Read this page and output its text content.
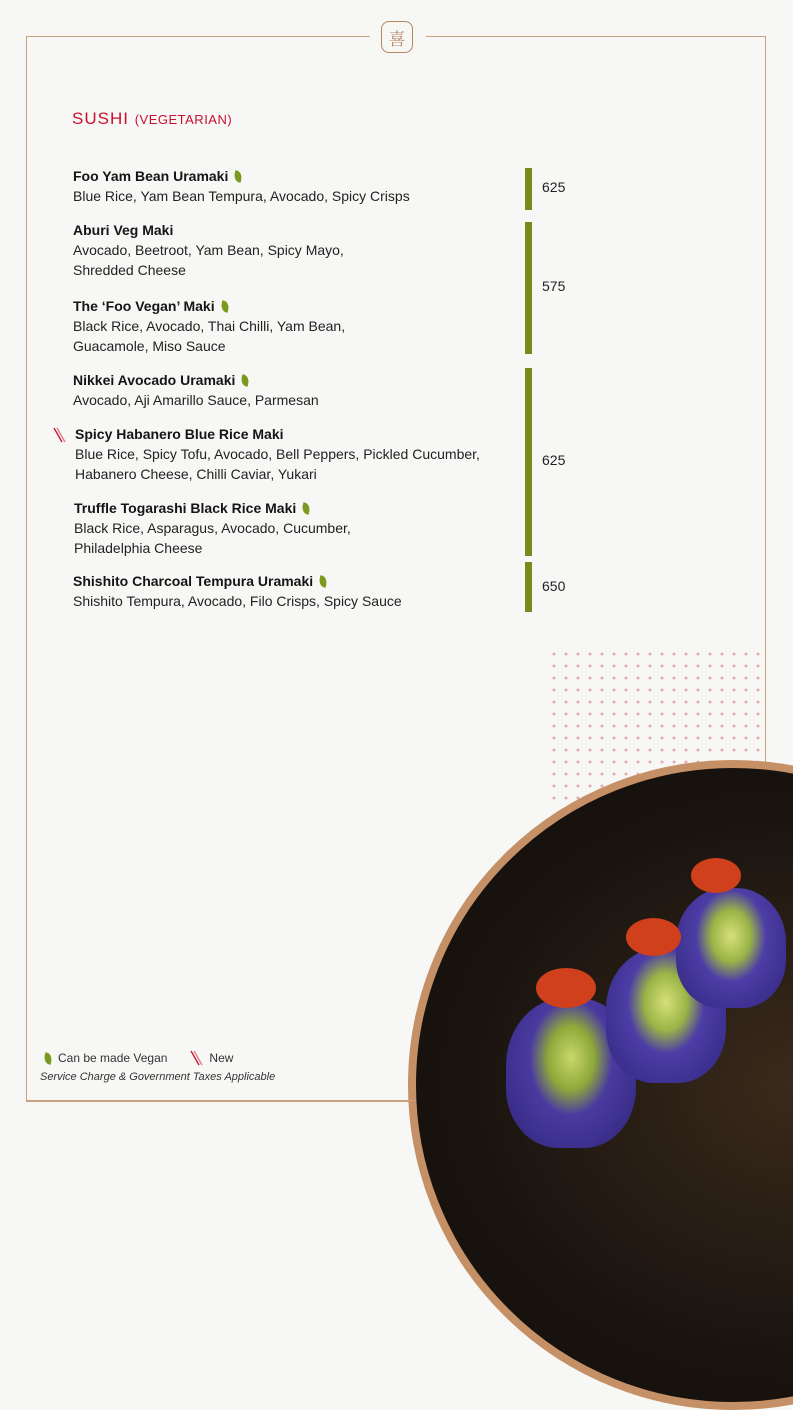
喜
SUSHI (VEGETARIAN)
Foo Yam Bean Uramaki
Blue Rice, Yam Bean Tempura, Avocado, Spicy Crisps
Aburi Veg Maki
Avocado, Beetroot, Yam Bean, Spicy Mayo, Shredded Cheese
The ‘Foo Vegan’ Maki
Black Rice, Avocado, Thai Chilli, Yam Bean, Guacamole, Miso Sauce
Nikkei Avocado Uramaki
Avocado, Aji Amarillo Sauce, Parmesan
Spicy Habanero Blue Rice Maki
Blue Rice, Spicy Tofu, Avocado, Bell Peppers, Pickled Cucumber, Habanero Cheese, Chilli Caviar, Yukari
Truffle Togarashi Black Rice Maki
Black Rice, Asparagus, Avocado, Cucumber, Philadelphia Cheese
Shishito Charcoal Tempura Uramaki
Shishito Tempura, Avocado, Filo Crisps, Spicy Sauce
625
575
625
650
Can be made Vegan	New
Service Charge & Government Taxes Applicable
